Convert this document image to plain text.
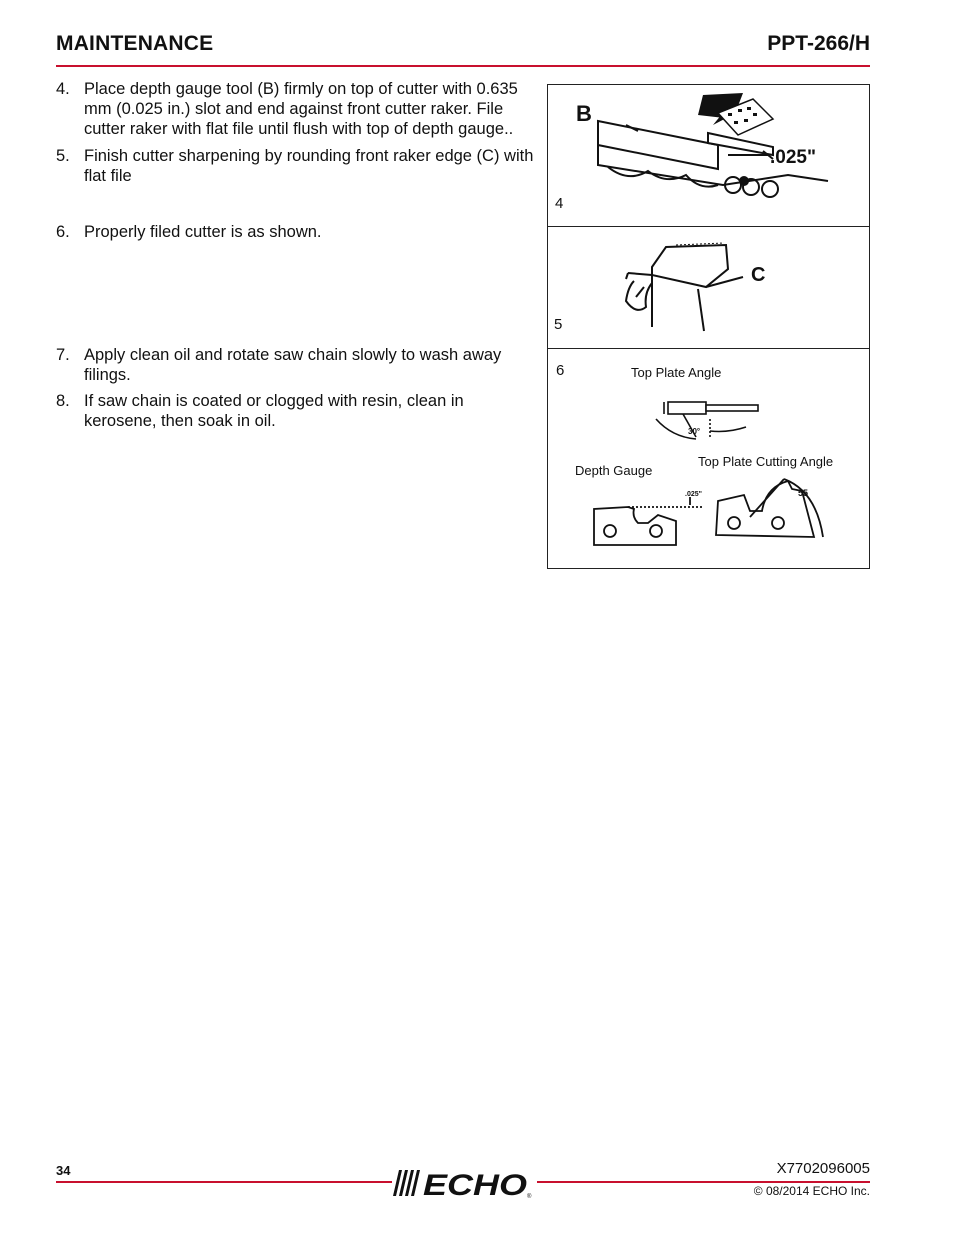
MAINTENANCE	PPT-266/H
4. Place depth gauge tool (B) firmly on top of cutter with 0.635 mm (0.025 in.) slot and end against front cutter raker. File cutter raker with flat file until flush with top of depth gauge..
5. Finish cutter sharpening by rounding front raker edge (C) with flat file
6. Properly filed cutter is as shown.
7. Apply clean oil and rotate saw chain slowly to wash away filings.
8. If saw chain is coated or clogged with resin, clean in kerosene, then soak in oil.
B
.025"
4
C
5
6	Top Plate Angle
Depth Gauge
Top Plate Cutting Angle
30°
.025"	55
34	ECHO ®
X7702096005
© 08/2014 ECHO Inc.
